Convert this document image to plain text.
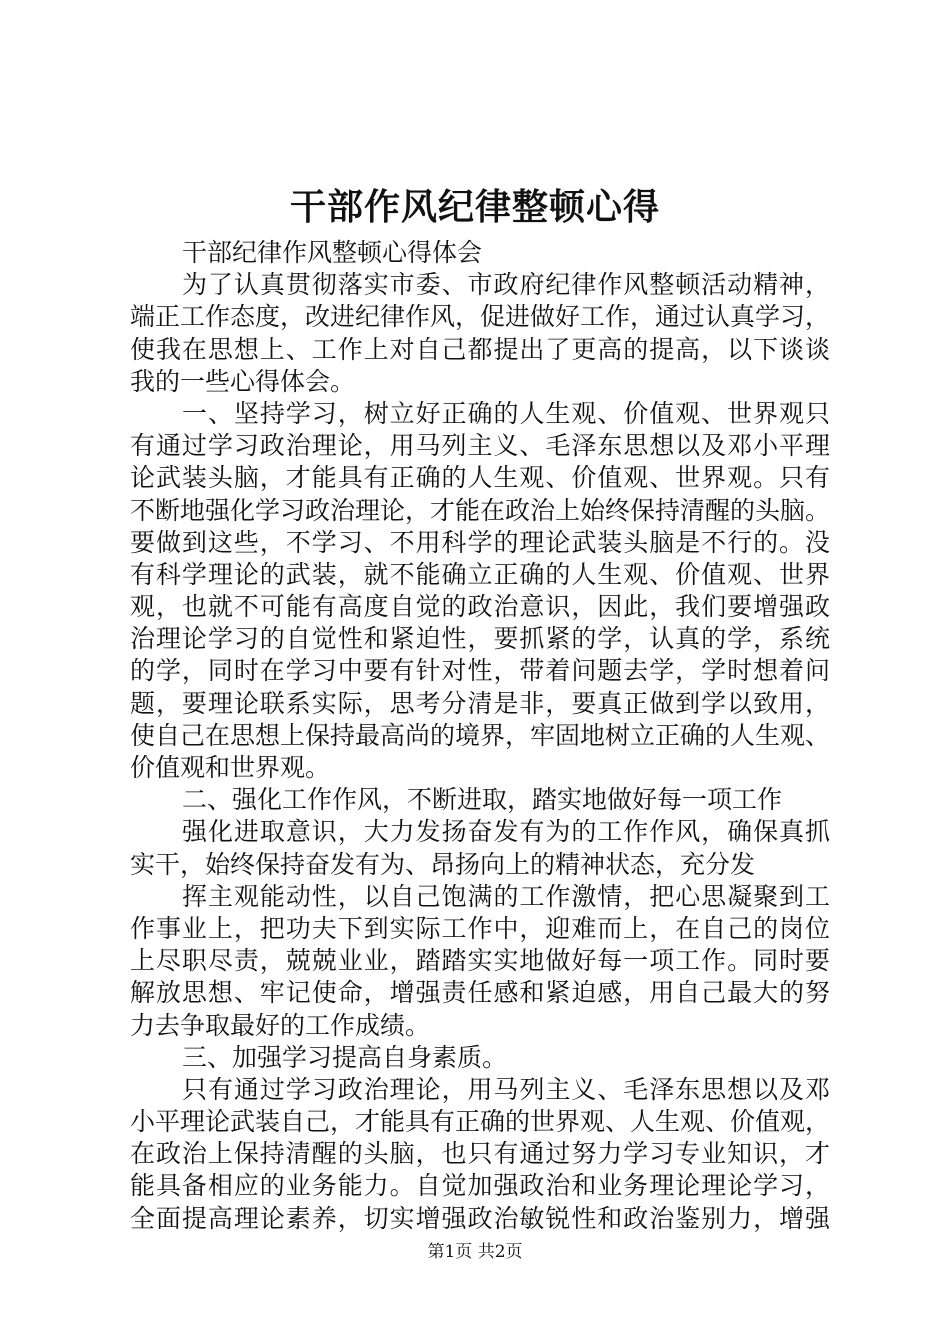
干部作风纪律整顿心得
干部纪律作风整顿心得体会
为了认真贯彻落实市委、市政府纪律作风整顿活动精神，
端正工作态度，改进纪律作风，促进做好工作，通过认真学习，
使我在思想上、工作上对自己都提出了更高的提高，以下谈谈
我的一些心得体会。
一、坚持学习，树立好正确的人生观、价值观、世界观只
有通过学习政治理论，用马列主义、毛泽东思想以及邓小平理
论武装头脑，才能具有正确的人生观、价值观、世界观。只有
不断地强化学习政治理论，才能在政治上始终保持清醒的头脑。
要做到这些，不学习、不用科学的理论武装头脑是不行的。没
有科学理论的武装，就不能确立正确的人生观、价值观、世界
观，也就不可能有高度自觉的政治意识，因此，我们要增强政
治理论学习的自觉性和紧迫性，要抓紧的学，认真的学，系统
的学，同时在学习中要有针对性，带着问题去学，学时想着问
题，要理论联系实际，思考分清是非，要真正做到学以致用，
使自己在思想上保持最高尚的境界，牢固地树立正确的人生观、
价值观和世界观。
二、强化工作作风，不断进取，踏实地做好每一项工作
强化进取意识，大力发扬奋发有为的工作作风，确保真抓
实干，始终保持奋发有为、昂扬向上的精神状态，充分发
挥主观能动性，以自己饱满的工作激情，把心思凝聚到工
作事业上，把功夫下到实际工作中，迎难而上，在自己的岗位
上尽职尽责，兢兢业业，踏踏实实地做好每一项工作。同时要
解放思想、牢记使命，增强责任感和紧迫感，用自己最大的努
力去争取最好的工作成绩。
三、加强学习提高自身素质。
只有通过学习政治理论，用马列主义、毛泽东思想以及邓
小平理论武装自己，才能具有正确的世界观、人生观、价值观，
在政治上保持清醒的头脑，也只有通过努力学习专业知识，才
能具备相应的业务能力。自觉加强政治和业务理论理论学习，
全面提高理论素养，切实增强政治敏锐性和政治鉴别力，增强
第1页 共2页
